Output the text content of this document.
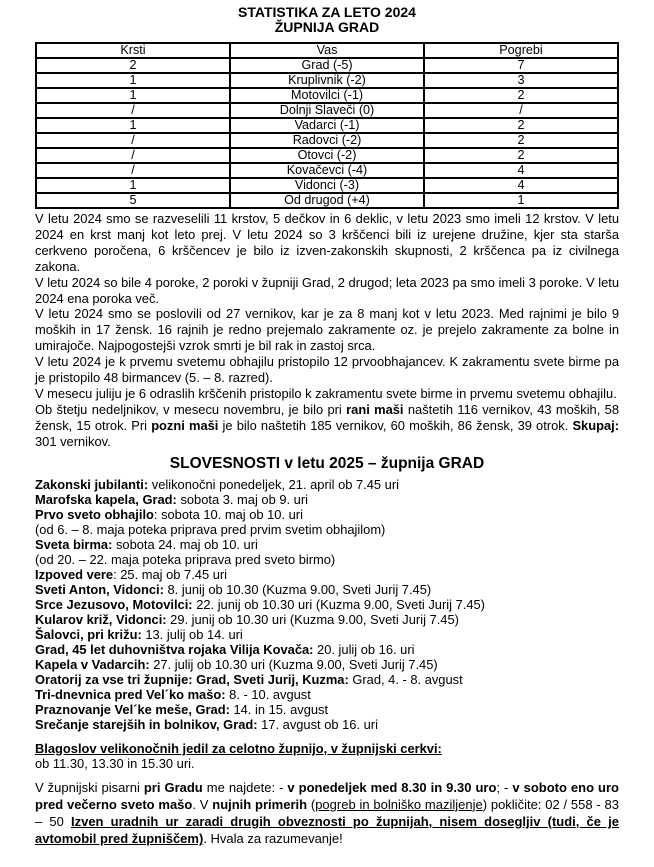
STATISTIKA ZA LETO 2024
ŽUPNIJA GRAD
Krsti	Vas	Pogrebi
2	Grad (-5)	7
1	Kruplivnik (-2)	3
1	Motovilci (-1)	2
/	Dolnji Slaveči (0)	/
1	Vadarci (-1)	2
/	Radovci (-2)	2
/	Otovci (-2)	2
/	Kovačevci (-4)	4
1	Vidonci (-3)	4
5	Od drugod (+4)	1
V letu 2024 smo se razveselili 11 krstov, 5 dečkov in 6 deklic, v letu 2023 smo imeli 12 krstov. V letu 2024 en krst manj kot leto prej. V letu 2024 so 3 krščenci bili iz urejene družine, kjer sta starša cerkveno poročena, 6 krščencev je bilo iz izven-zakonskih skupnosti, 2 krščenca pa iz civilnega zakona.
V letu 2024 so bile 4 poroke, 2 poroki v župniji Grad, 2 drugod; leta 2023 pa smo imeli 3 poroke. V letu 2024 ena poroka več.
V letu 2024 smo se poslovili od 27 vernikov, kar je za 8 manj kot v letu 2023. Med rajnimi je bilo 9 moških in 17 žensk. 16 rajnih je redno prejemalo zakramente oz. je prejelo zakramente za bolne in umirajoče. Najpogostejši vzrok smrti je bil rak in zastoj srca.
V letu 2024 je k prvemu svetemu obhajilu pristopilo 12 prvoobhajancev. K zakramentu svete birme pa je pristopilo 48 birmancev (5. – 8. razred).
V mesecu juliju je 6 odraslih krščenih pristopilo k zakramentu svete birme in prvemu svetemu obhajilu.
Ob štetju nedeljnikov, v mesecu novembru, je bilo pri rani maši naštetih 116 vernikov, 43 moških, 58 žensk, 15 otrok. Pri pozni maši je bilo naštetih 185 vernikov, 60 moških, 86 žensk, 39 otrok. Skupaj: 301 vernikov.
SLOVESNOSTI v letu 2025 – župnija GRAD
Zakonski jubilanti: velikonočni ponedeljek, 21. april ob 7.45 uri
Marofska kapela, Grad: sobota 3. maj ob 9. uri
Prvo sveto obhajilo: sobota 10. maj ob 10. uri
(od 6. – 8. maja poteka priprava pred prvim svetim obhajilom)
Sveta birma: sobota 24. maj ob 10. uri
(od 20. – 22. maja poteka priprava pred sveto birmo)
Izpoved vere: 25. maj ob 7.45 uri
Sveti Anton, Vidonci: 8. junij ob 10.30 (Kuzma 9.00, Sveti Jurij 7.45)
Srce Jezusovo, Motovilci: 22. junij ob 10.30 uri (Kuzma 9.00, Sveti Jurij 7.45)
Kularov križ, Vidonci: 29. junij ob 10.30 uri (Kuzma 9.00, Sveti Jurij 7.45)
Šalovci, pri križu: 13. julij ob 14. uri
Grad, 45 let duhovništva rojaka Vilija Kovača: 20. julij ob 16. uri
Kapela v Vadarcih: 27. julij ob 10.30 uri (Kuzma 9.00, Sveti Jurij 7.45)
Oratorij za vse tri župnije: Grad, Sveti Jurij, Kuzma: Grad, 4. - 8. avgust
Tri-dnevnica pred Vel´ko mašo: 8. - 10. avgust
Praznovanje Vel´ke meše, Grad: 14. in 15. avgust
Srečanje starejših in bolnikov, Grad: 17. avgust ob 16. uri
Blagoslov velikonočnih jedil za celotno župnijo, v župnijski cerkvi:
ob 11.30, 13.30 in 15.30 uri.
V župnijski pisarni pri Gradu me najdete: - v ponedeljek med 8.30 in 9.30 uro; - v soboto eno uro pred večerno sveto mašo. V nujnih primerih (pogreb in bolniško maziljenje) pokličite: 02 / 558 - 83 – 50 Izven uradnih ur zaradi drugih obveznosti po župnijah, nisem dosegljiv (tudi, če je avtomobil pred župniščem). Hvala za razumevanje!
